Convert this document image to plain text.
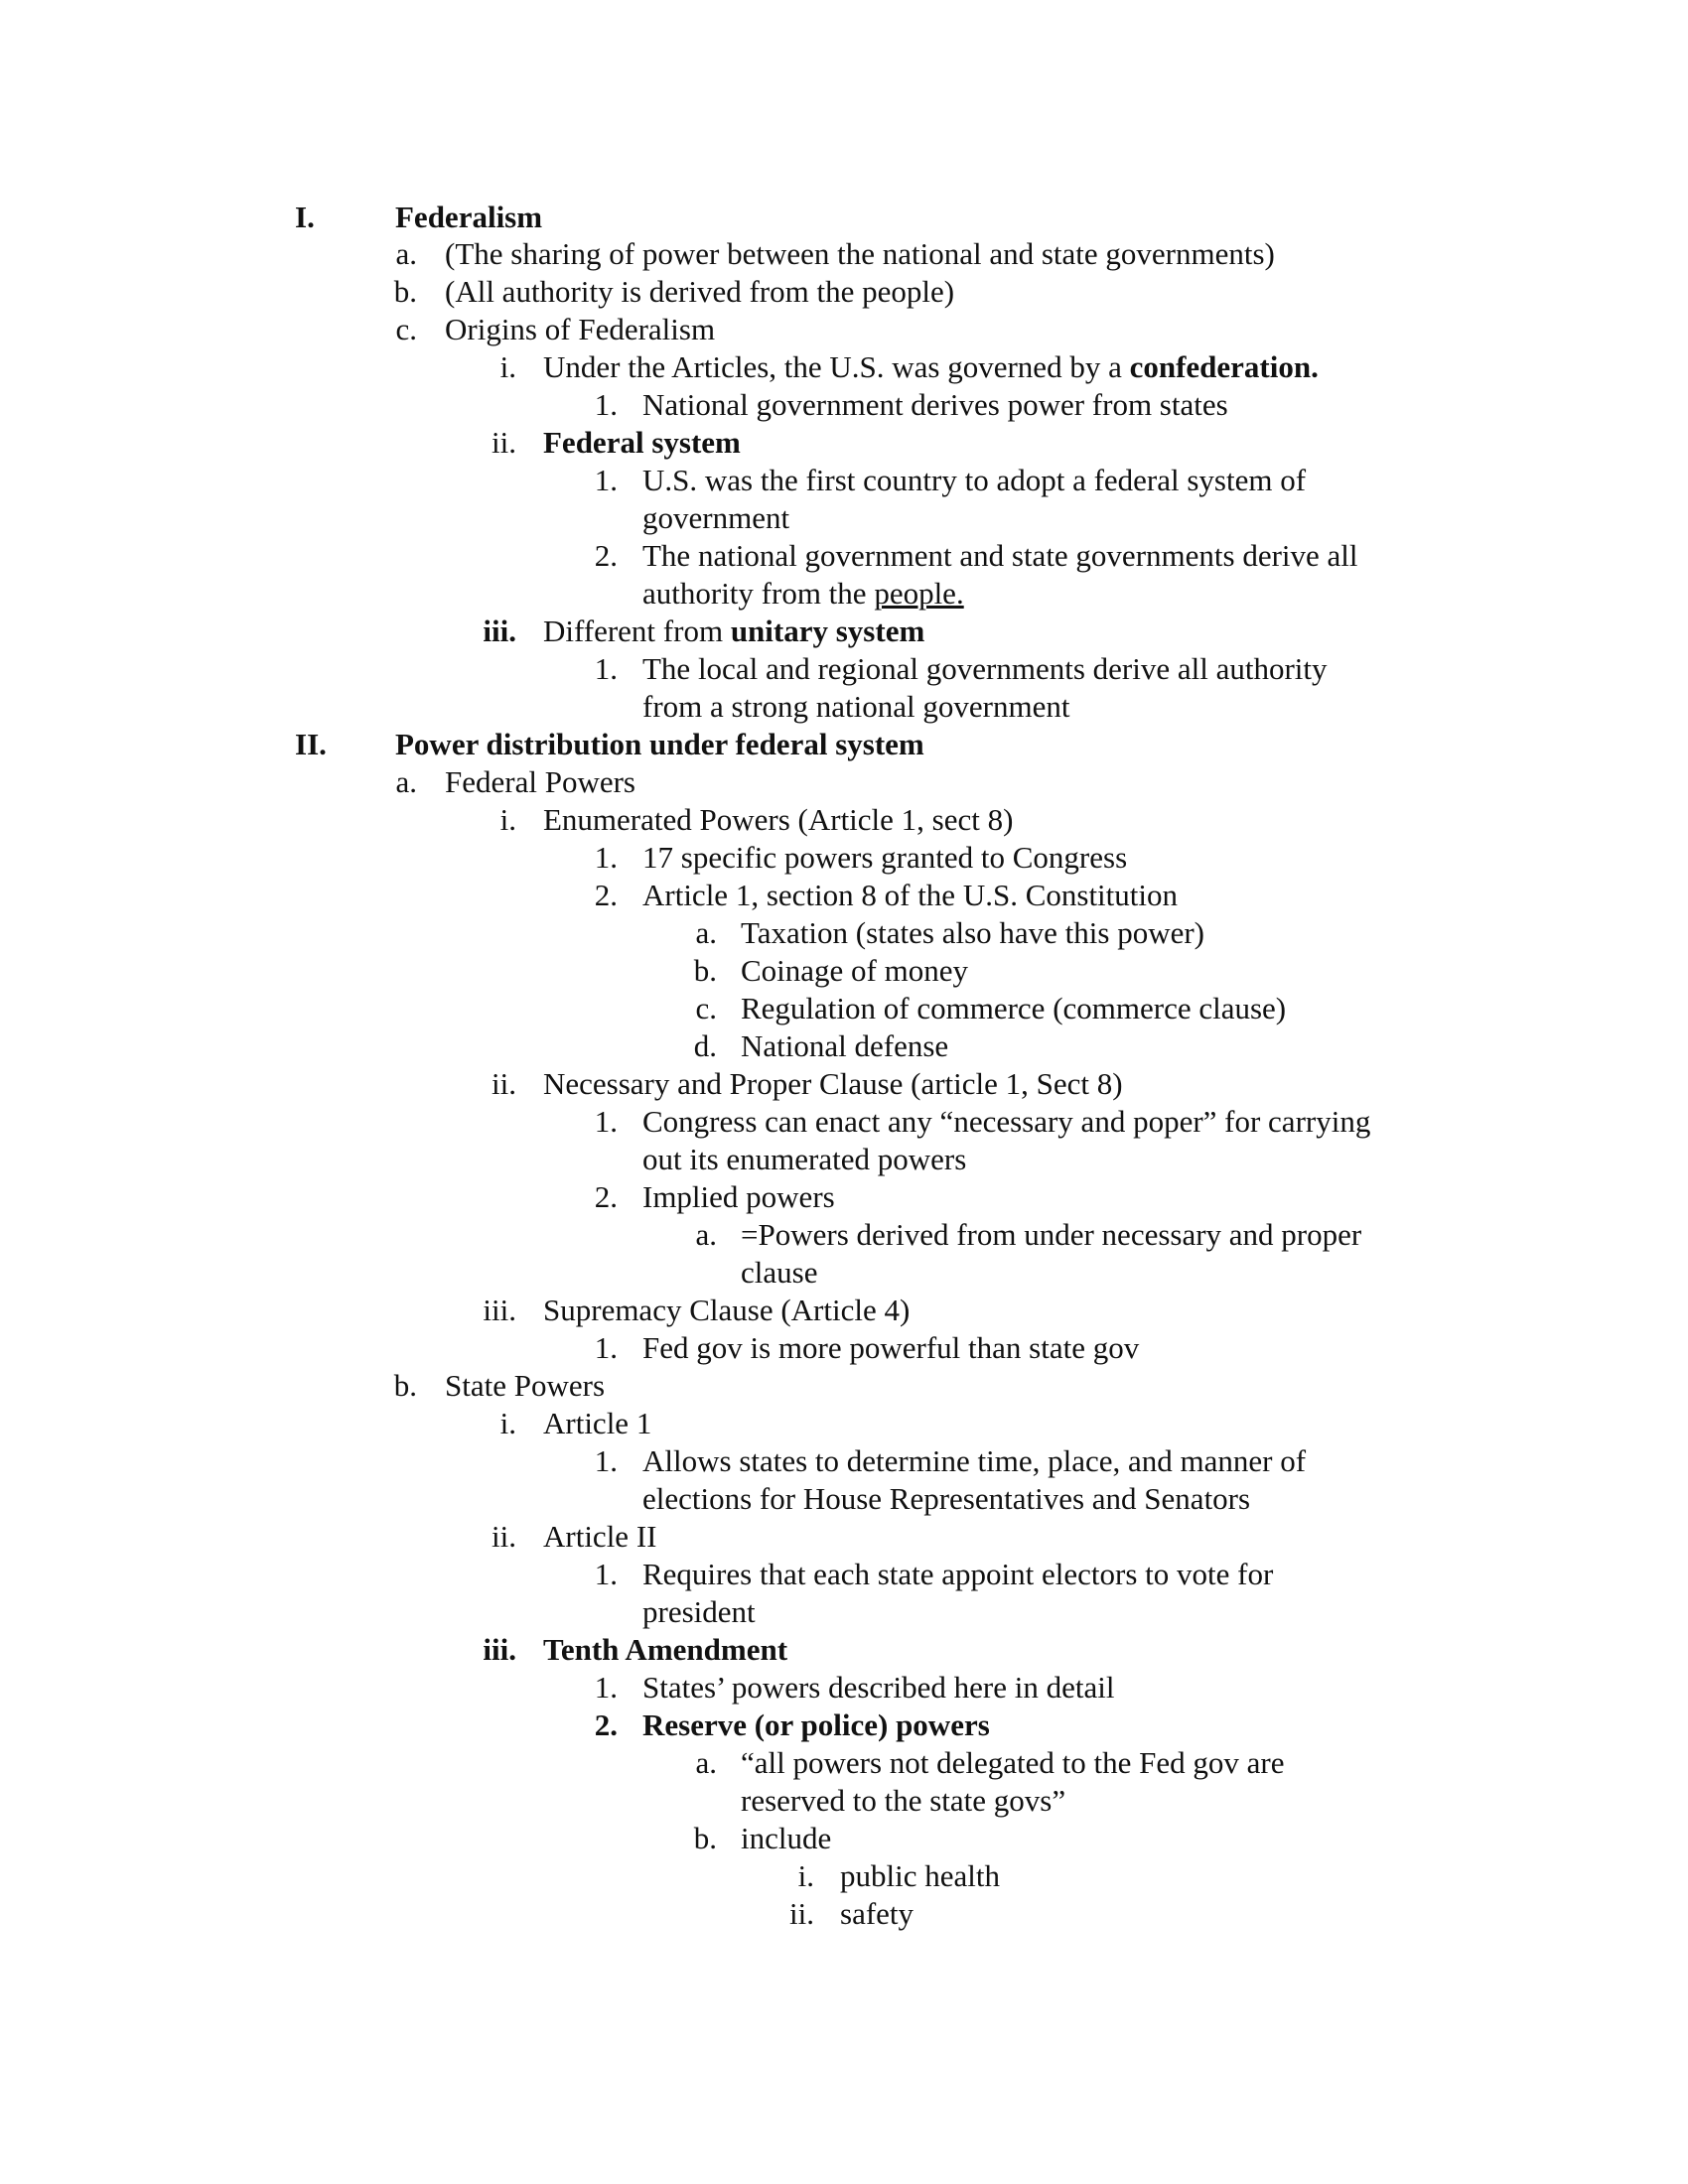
I.	Federalism
a. (The sharing of power between the national and state governments)
b. (All authority is derived from the people)
c. Origins of Federalism
i. Under the Articles, the U.S. was governed by a confederation.
1. National government derives power from states
ii. Federal system
1. U.S. was the first country to adopt a federal system of
government
2. The national government and state governments derive all
authority from the people.
iii. Different from unitary system
1. The local and regional governments derive all authority
from a strong national government
II. Power distribution under federal system
a. Federal Powers
i. Enumerated Powers (Article 1, sect 8)
1. 17 specific powers granted to Congress
2. Article 1, section 8 of the U.S. Constitution
a. Taxation (states also have this power)
b. Coinage of money
c. Regulation of commerce (commerce clause)
d. National defense
ii. Necessary and Proper Clause (article 1, Sect 8)
1. Congress can enact any “necessary and poper” for carrying
out its enumerated powers
2. Implied powers
a. =Powers derived from under necessary and proper
clause
iii. Supremacy Clause (Article 4)
1. Fed gov is more powerful than state gov
b. State Powers
i. Article 1
1. Allows states to determine time, place, and manner of
elections for House Representatives and Senators
ii. Article II
1. Requires that each state appoint electors to vote for
president
iii. Tenth Amendment
1. States’ powers described here in detail
2. Reserve (or police) powers
a. “all powers not delegated to the Fed gov are
reserved to the state govs”
b. include
i. public health
ii. safety
